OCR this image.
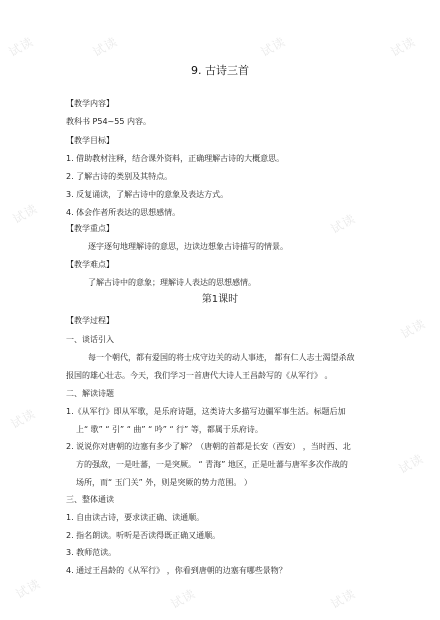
试读	试读	试读	试读
试读	试读
试读
试读
试读
试读	试读	试读
9. 古诗三首
【教学内容】
教科书 P54~55 内容。
【教学目标】
1. 借助教材注释，结合课外资料，正确理解古诗的大概意思。
2. 了解古诗的类别及其特点。
3. 反复诵读，了解古诗中的意象及表达方式。
4. 体会作者所表达的思想感情。
【教学重点】
逐字逐句地理解诗的意思，边读边想象古诗描写的情景。
【教学难点】
了解古诗中的意象；理解诗人表达的思想感情。
第1课时
【教学过程】
一、谈话引入
每一个朝代，都有爱国的将士戍守边关的动人事迹， 都有仁人志士渴望杀敌
报国的雄心壮志。今天，我们学习一首唐代大诗人王昌龄写的《从军行》 。
二、解读诗题
1.《从军行》即从军歌，是乐府诗题，这类诗大多描写边疆军事生活。标题后加
上“ 歌” “ 引” “ 曲” “ 吟” “ 行” 等，都属于乐府诗。
2. 说说你对唐朝的边塞有多少了解？（唐朝的首都是长安（西安） ，当时西、北
方的强敌，一是吐蕃，一是突厥。 “ 青海” 地区，正是吐蕃与唐军多次作战的
场所，而“ 玉门关” 外，则是突厥的势力范围。 ）
三、整体通读
1. 自由读古诗，要求读正确、读通顺。
2. 指名朗读。听听是否读得既正确又通顺。
3. 教师范读。
4. 通过王昌龄的《从军行》 ，你看到唐朝的边塞有哪些景物？
